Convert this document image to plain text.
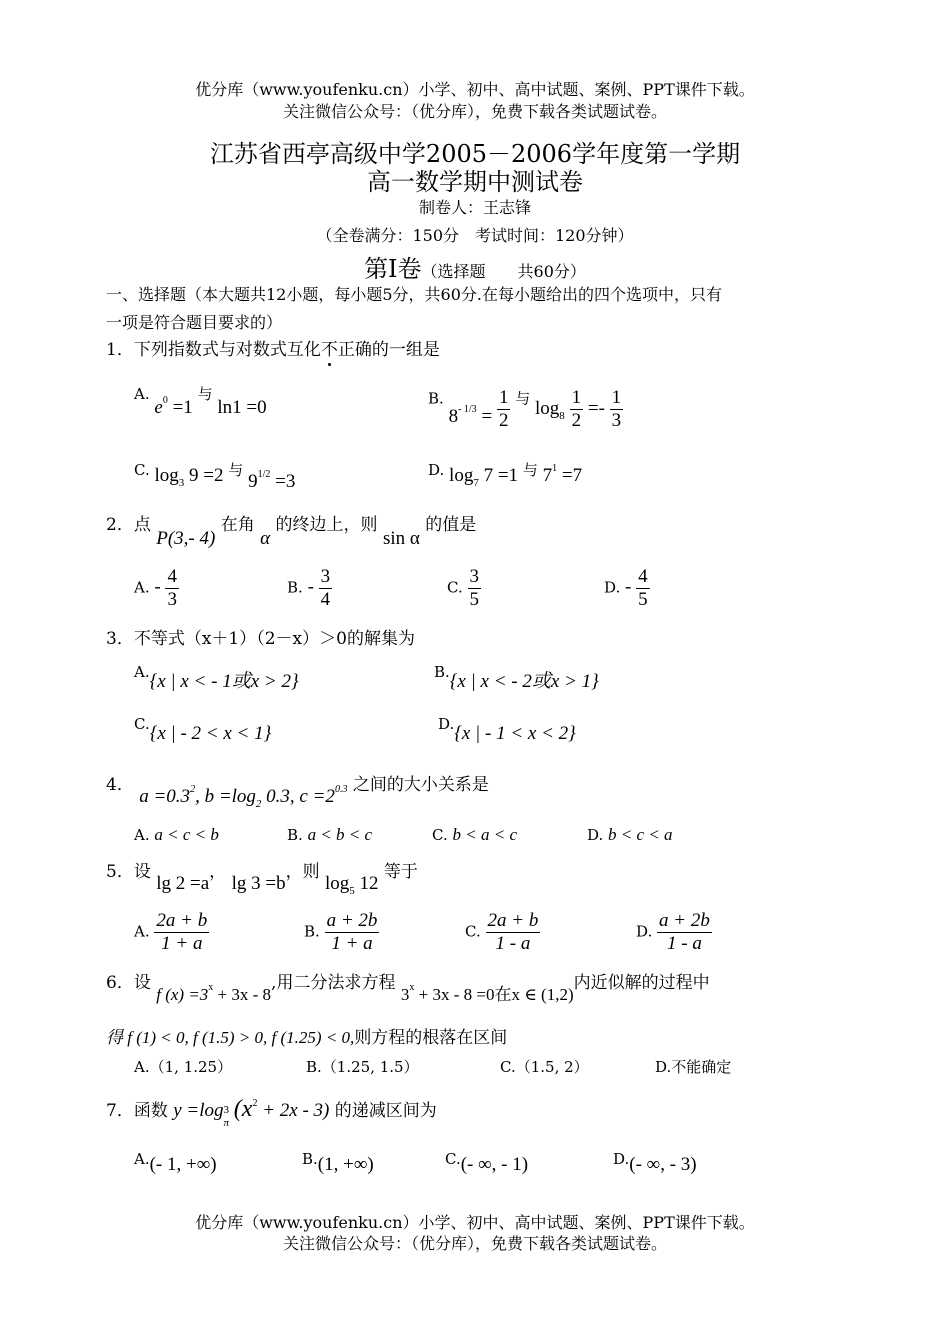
优分库（www.youfenku.cn）小学、初中、高中试题、案例、PPT课件下载。
关注微信公众号：（优分库），免费下载各类试题试卷。
江苏省西亭高级中学2005－2006学年度第一学期
高一数学期中测试卷
制卷人：王志锋
（全卷满分：150分　考试时间：120分钟）
第Ⅰ卷（选择题　　共60分）
一、选择题（本大题共12小题，每小题5分，共60分.在每小题给出的四个选项中，只有
一项是符合题目要求的）
1．下列指数式与对数式互化不正确的一组是
A. $e^0 =1$ 与 ln1 =0	B. $8^{- 1/3} = \frac{1}{2}$ 与 $\log_8 \frac{1}{2} =- \frac{1}{3}$
C. $\log_3 9 =2$ 与 $9^{1/2} =3$
D. $\log_7 7 =1$ 与 $7^1 =7$
2．点 P(3,- 4) 在角 α 的终边上，则 sin α 的值是
A. - $\frac{4}{3}$	B. - $\frac{3}{4}$	C. $\frac{3}{5}$	D. - $\frac{4}{5}$
3．不等式（x＋1）（2－x）＞0的解集为
A.{x | x < - 1或x > 2}	B.{x | x < - 2或x > 1}
C.{x | - 2 < x < 1}	D.{x | - 1 < x < 2}
4． $a =0.3^2$, $b =\log_2$ 0.3, $c =2^{0.3}$ 之间的大小关系是
A. a < c < b	B. a < b < c	C. b < a < c	D. b < c < a
5．设 lg 2 =a， lg 3 =b，则 $\log_5 12$ 等于
A. $\frac{2a + b}{1 + a}$	B. $\frac{a + 2b}{1 + a}$	C. $\frac{2a + b}{1 - a}$	D. $\frac{a + 2b}{1 - a}$
6．设 f $(x) =3^x + 3x - 8$,用二分法求方程 $3^x + 3x - 8 =0$在x ∈ (1,2)内近似解的过程中
得 f (1) < 0, f (1.5) > 0, f (1.25) < 0,则方程的根落在区间
A.（1, 1.25）	B.（1.25, 1.5）	C.（1.5, 2）	D.不能确定
7．函数 y =log 3
π
$(x^2 + 2x - 3)$ 的递减区间为
A.(- 1, +∞)	B.(1, +∞)	C.(- ∞, - 1)	D.(- ∞, - 3)
优分库（www.youfenku.cn）小学、初中、高中试题、案例、PPT课件下载。
关注微信公众号：（优分库），免费下载各类试题试卷。
